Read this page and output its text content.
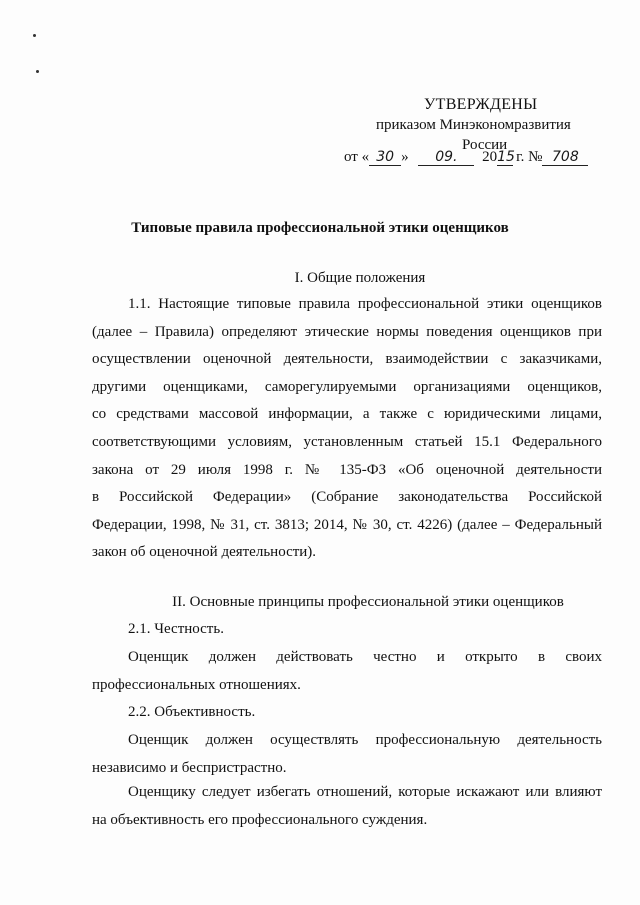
УТВЕРЖДЕНЫ
приказом Минэкономразвития
России
от « 30 » 09. 2015г. № 708
Типовые правила профессиональной этики оценщиков
I. Общие положения
1.1. Настоящие типовые правила профессиональной этики оценщиков
(далее – Правила) определяют этические нормы поведения оценщиков при
осуществлении оценочной деятельности, взаимодействии с заказчиками,
другими оценщиками, саморегулируемыми организациями оценщиков,
со средствами массовой информации, а также с юридическими лицами,
соответствующими условиям, установленным статьей 15.1 Федерального
закона от 29 июля 1998 г. № 135-ФЗ «Об оценочной деятельности
в Российской Федерации» (Собрание законодательства Российской
Федерации, 1998, № 31, ст. 3813; 2014, № 30, ст. 4226) (далее – Федеральный
закон об оценочной деятельности).
II. Основные принципы профессиональной этики оценщиков
2.1. Честность.
Оценщик должен действовать честно и открыто в своих
профессиональных отношениях.
2.2. Объективность.
Оценщик должен осуществлять профессиональную деятельность
независимо и беспристрастно.
Оценщику следует избегать отношений, которые искажают или влияют
на объективность его профессионального суждения.
